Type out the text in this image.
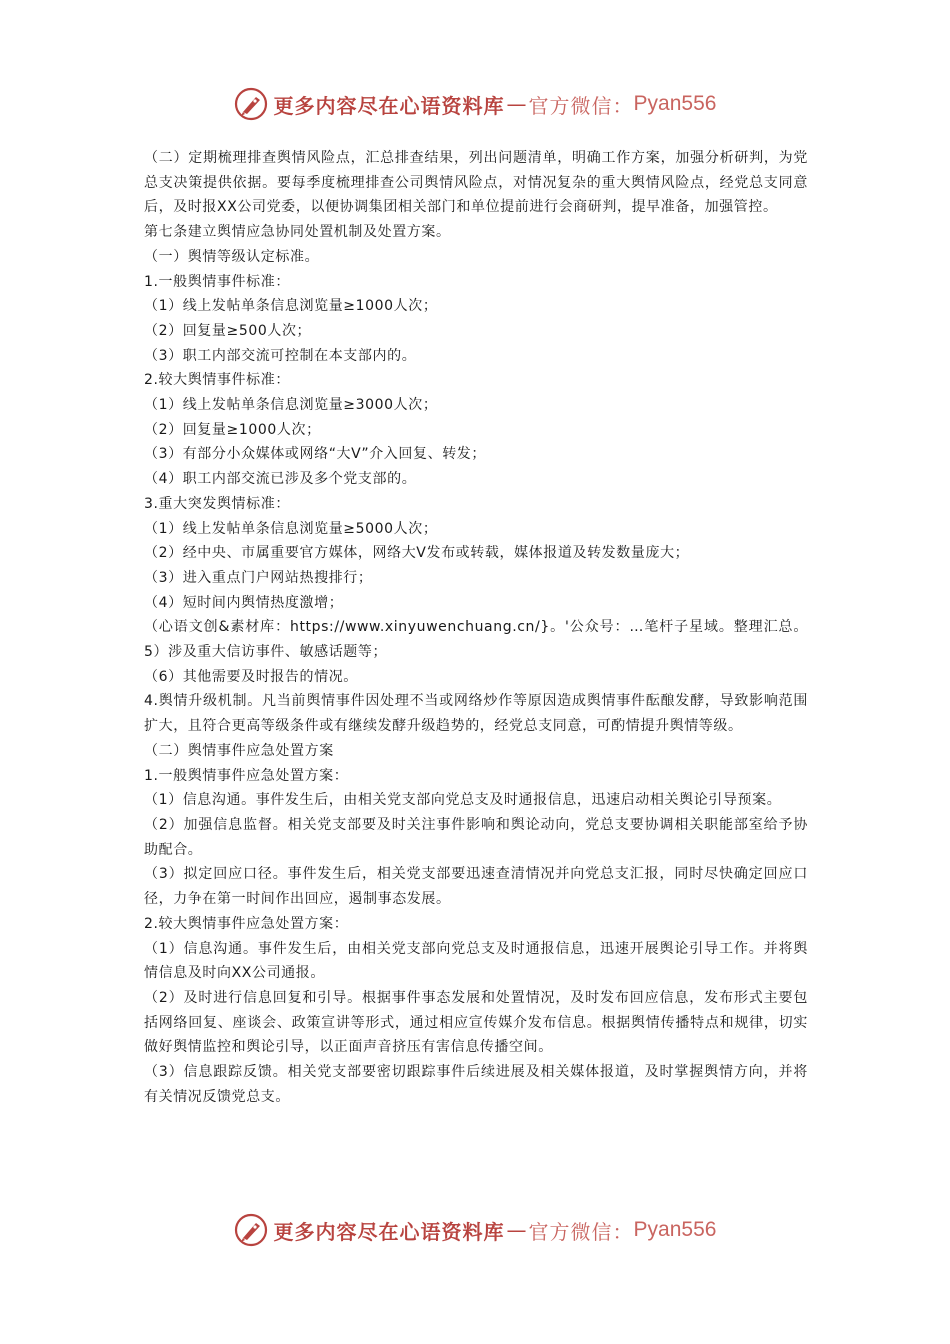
更多内容尽在心语资料库 — 官方微信： Pyan556

（二）定期梳理排查舆情风险点，汇总排查结果，列出问题清单，明确工作方案，加强分析研判，为党总支决策提供依据。要每季度梳理排查公司舆情风险点，对情况复杂的重大舆情风险点，经党总支同意后，及时报XX公司党委，以便协调集团相关部门和单位提前进行会商研判，提早准备，加强管控。

第七条建立舆情应急协同处置机制及处置方案。

（一）舆情等级认定标准。

1.一般舆情事件标准：

（1）线上发帖单条信息浏览量≥1000人次；

（2）回复量≥500人次；

（3）职工内部交流可控制在本支部内的。

2.较大舆情事件标准：

（1）线上发帖单条信息浏览量≥3000人次；

（2）回复量≥1000人次；

（3）有部分小众媒体或网络“大V”介入回复、转发；

（4）职工内部交流已涉及多个党支部的。

3.重大突发舆情标准：

（1）线上发帖单条信息浏览量≥5000人次；

（2）经中央、市属重要官方媒体，网络大V发布或转载，媒体报道及转发数量庞大；

（3）进入重点门户网站热搜排行；

（4）短时间内舆情热度激增；

（心语文创&素材库：https://www.xinyuwenchuang.cn/}。'公众号：…笔杆子星域。整理汇总。5）涉及重大信访事件、敏感话题等；

（6）其他需要及时报告的情况。

4.舆情升级机制。凡当前舆情事件因处理不当或网络炒作等原因造成舆情事件酝酿发酵，导致影响范围扩大，且符合更高等级条件或有继续发酵升级趋势的，经党总支同意，可酌情提升舆情等级。

（二）舆情事件应急处置方案

1.一般舆情事件应急处置方案：

（1）信息沟通。事件发生后，由相关党支部向党总支及时通报信息，迅速启动相关舆论引导预案。

（2）加强信息监督。相关党支部要及时关注事件影响和舆论动向，党总支要协调相关职能部室给予协助配合。

（3）拟定回应口径。事件发生后，相关党支部要迅速查清情况并向党总支汇报，同时尽快确定回应口径，力争在第一时间作出回应，遏制事态发展。

2.较大舆情事件应急处置方案：

（1）信息沟通。事件发生后，由相关党支部向党总支及时通报信息，迅速开展舆论引导工作。并将舆情信息及时向XX公司通报。

（2）及时进行信息回复和引导。根据事件事态发展和处置情况，及时发布回应信息，发布形式主要包括网络回复、座谈会、政策宣讲等形式，通过相应宣传媒介发布信息。根据舆情传播特点和规律，切实做好舆情监控和舆论引导，以正面声音挤压有害信息传播空间。

（3）信息跟踪反馈。相关党支部要密切跟踪事件后续进展及相关媒体报道，及时掌握舆情方向，并将有关情况反馈党总支。

更多内容尽在心语资料库 — 官方微信： Pyan556
